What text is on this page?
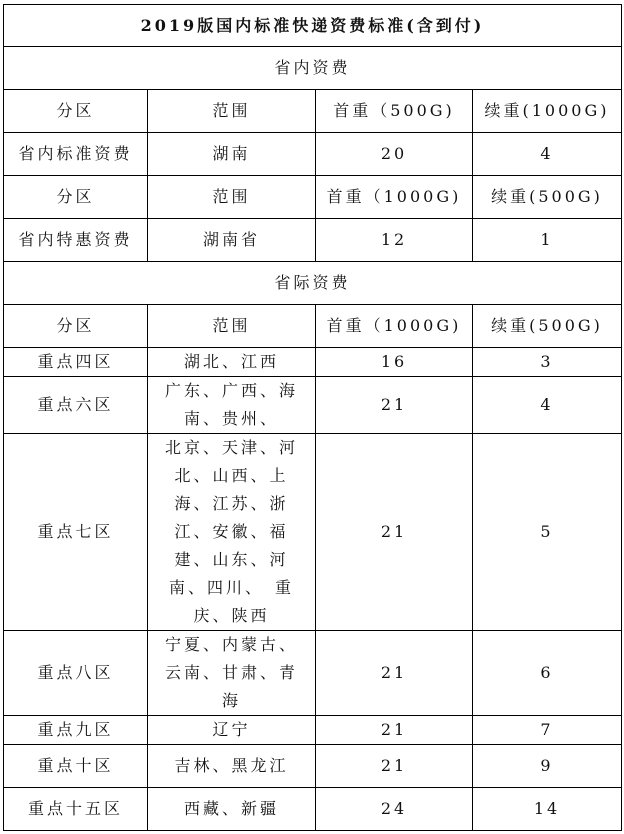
2019版国内标准快递资费标准(含到付)			
省内资费			
分区	范围	首重（500G)	续重(1000G)
省内标准资费	湖南	20	4
分区	范围	首重（1000G)	续重(500G)
省内特惠资费	湖南省	12	1
省际资费			
分区	范围	首重（1000G)	续重(500G)
重点四区	湖北、江西	16	3
重点六区	广东、广西、海南、贵州、	21	4
重点七区	北京、天津、河北、山西、上海、江苏、浙江、安徽、福建、山东、河南、四川、　重庆、陕西	21	5
重点八区	宁夏、内蒙古、云南、甘肃、青海	21	6
重点九区	辽宁	21	7
重点十区	吉林、黑龙江	21	9
重点十五区	西藏、新疆	24	14
